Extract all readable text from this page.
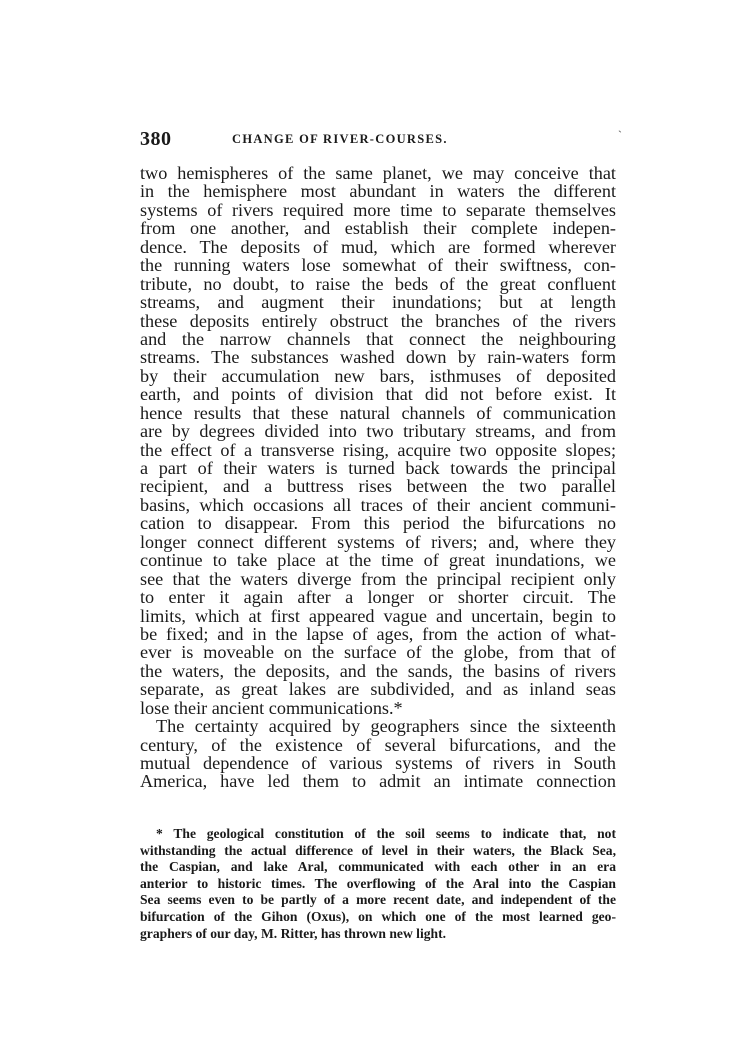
380	CHANGE OF RIVER-COURSES.	`
two hemispheres of the same planet, we may conceive that
in the hemisphere most abundant in waters the different
systems of rivers required more time to separate themselves
from one another, and establish their complete indepen-
dence. The deposits of mud, which are formed wherever
the running waters lose somewhat of their swiftness, con-
tribute, no doubt, to raise the beds of the great confluent
streams, and augment their inundations; but at length
these deposits entirely obstruct the branches of the rivers
and the narrow channels that connect the neighbouring
streams. The substances washed down by rain-waters form
by their accumulation new bars, isthmuses of deposited
earth, and points of division that did not before exist. It
hence results that these natural channels of communication
are by degrees divided into two tributary streams, and from
the effect of a transverse rising, acquire two opposite slopes;
a part of their waters is turned back towards the principal
recipient, and a buttress rises between the two parallel
basins, which occasions all traces of their ancient communi-
cation to disappear. From this period the bifurcations no
longer connect different systems of rivers; and, where they
continue to take place at the time of great inundations, we
see that the waters diverge from the principal recipient only
to enter it again after a longer or shorter circuit. The
limits, which at first appeared vague and uncertain, begin to
be fixed; and in the lapse of ages, from the action of what-
ever is moveable on the surface of the globe, from that of
the waters, the deposits, and the sands, the basins of rivers
separate, as great lakes are subdivided, and as inland seas
lose their ancient communications.*
The certainty acquired by geographers since the sixteenth
century, of the existence of several bifurcations, and the
mutual dependence of various systems of rivers in South
America, have led them to admit an intimate connection
* The geological constitution of the soil seems to indicate that, not
withstanding the actual difference of level in their waters, the Black Sea,
the Caspian, and lake Aral, communicated with each other in an era
anterior to historic times. The overflowing of the Aral into the Caspian
Sea seems even to be partly of a more recent date, and independent of the
bifurcation of the Gihon (Oxus), on which one of the most learned geo-
graphers of our day, M. Ritter, has thrown new light.
